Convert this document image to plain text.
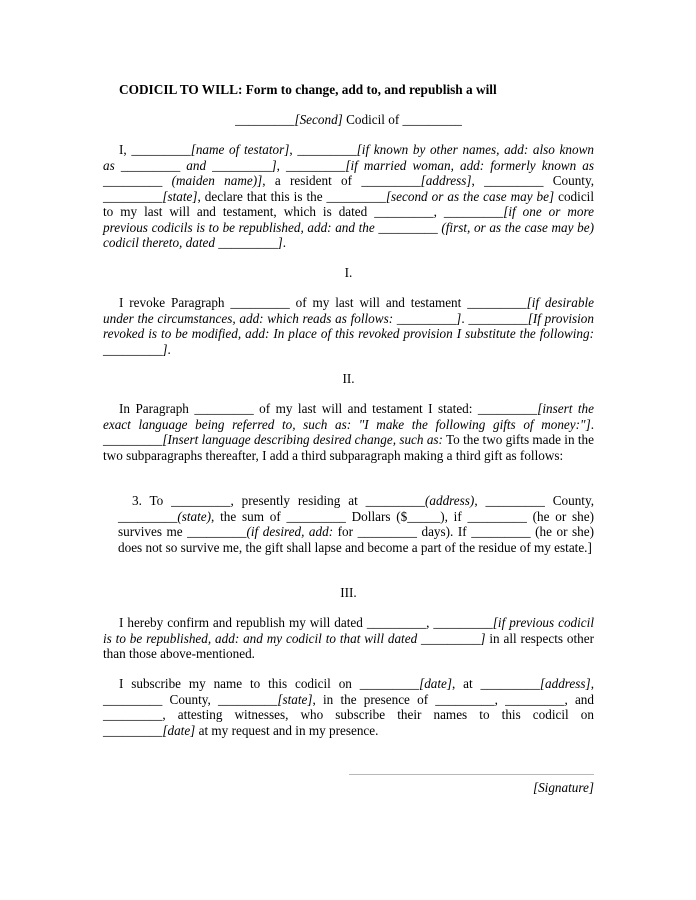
CODICIL TO WILL: Form to change, add to, and republish a will
_________[Second] Codicil of _________
I, _________[name of testator], _________[if known by other names, add: also known as _________ and _________], _________[if married woman, add: formerly known as _________ (maiden name)], a resident of _________[address], _________ County, _________[state], declare that this is the _________[second or as the case may be] codicil to my last will and testament, which is dated _________, _________[if one or more previous codicils is to be republished, add: and the _________ (first, or as the case may be) codicil thereto, dated _________].
I.
I revoke Paragraph _________ of my last will and testament _________[if desirable under the circumstances, add: which reads as follows: _________]. _________[If provision revoked is to be modified, add: In place of this revoked provision I substitute the following: _________].
II.
In Paragraph _________ of my last will and testament I stated: _________[insert the exact language being referred to, such as: "I make the following gifts of money:"]. _________[Insert language describing desired change, such as: To the two gifts made in the two subparagraphs thereafter, I add a third subparagraph making a third gift as follows:
3. To _________, presently residing at _________(address), _________ County, _________(state), the sum of _________ Dollars ($_____), if _________ (he or she) survives me _________(if desired, add: for _________ days). If _________ (he or she) does not so survive me, the gift shall lapse and become a part of the residue of my estate.]
III.
I hereby confirm and republish my will dated _________, _________[if previous codicil is to be republished, add: and my codicil to that will dated _________] in all respects other than those above-mentioned.
I subscribe my name to this codicil on _________[date], at _________[address], _________ County, _________[state], in the presence of _________, _________, and _________, attesting witnesses, who subscribe their names to this codicil on _________[date] at my request and in my presence.
[Signature]
